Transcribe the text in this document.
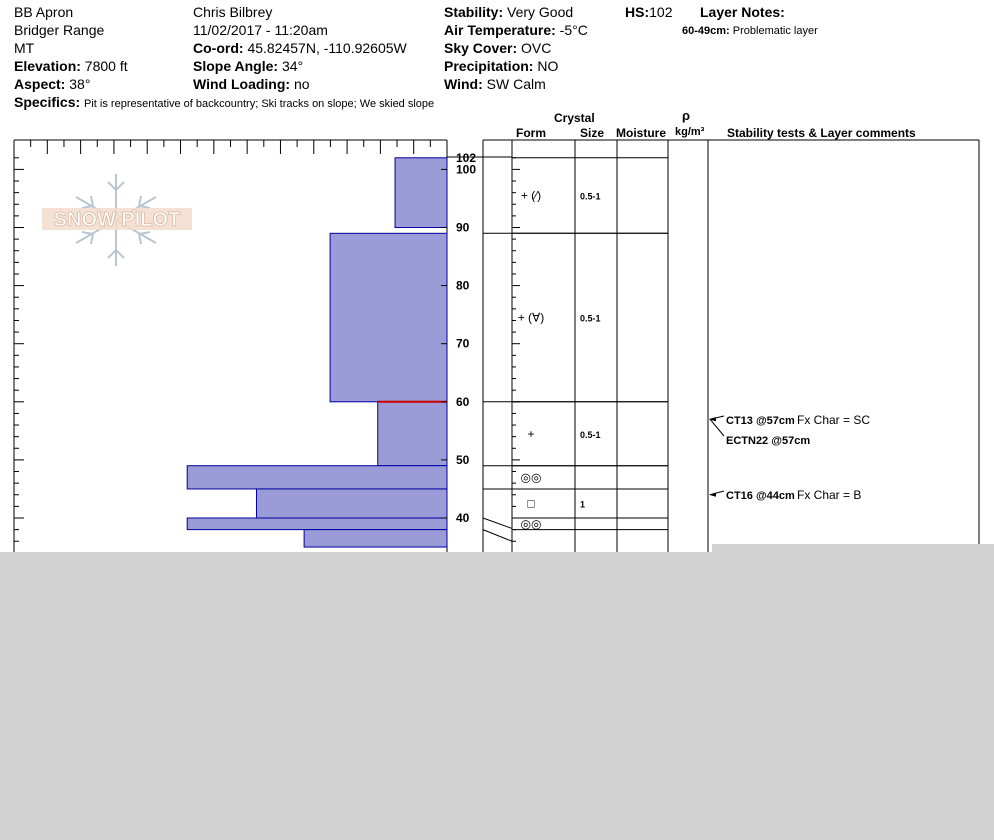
BB Apron
Bridger Range
MT
Elevation: 7800 ft
Aspect: 38°
Chris Bilbrey
11/02/2017 - 11:20am
Co-ord: 45.82457N, -110.92605W
Slope Angle: 34°
Wind Loading: no
Stability: Very Good
Air Temperature: -5°C
Sky Cover: OVC
Precipitation: NO
Wind: SW Calm
HS:102 Layer Notes:
60-49cm: Problematic layer
Specifics: Pit is representative of backcountry; Ski tracks on slope; We skied slope
102
100
90
80
70
60
50
40
+ (⁄)	0.5-1
+ (∀)	0.5-1
+	0.5-1
◎◎
□	1
◎◎
CT13 @57cm Fx Char = SC
ECTN22 @57cm
CT16 @44cm Fx Char = B
Crystal
Form	Size Moisture
ρ
kg/m³ Stability tests & Layer comments
SNOW PILOT
